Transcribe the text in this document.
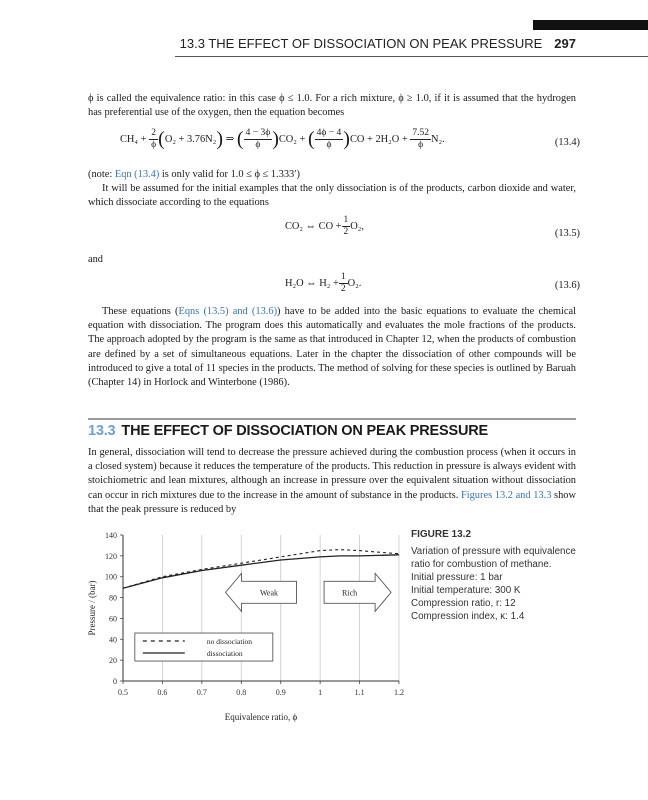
13.3 THE EFFECT OF DISSOCIATION ON PEAK PRESSURE 297

ϕ is called the equivalence ratio: in this case ϕ ≤ 1.0. For a rich mixture, ϕ ≥ 1.0, if it is assumed that the hydrogen has preferential use of the oxygen, then the equation becomes

$CH_4 + \frac{2}{\phi} (O_2 + 3.76N_2)$ ⇒ ( $\frac{4 - 3\phi}{\phi} )CO_2$ + ( $\frac{4\phi - 4}{\phi} )CO + 2H_2O + \frac{7.52}{\phi} N_2$.	(13.4)

(note: Eqn (13.4) is only valid for 1.0 ≤ ϕ ≤ 1.333′)

It will be assumed for the initial examples that the only dissociation is of the products, carbon dioxide and water, which dissociate according to the equations

CO₂ ⇔ CO + $\frac{1}{2} O_2$,
(13.5)

and

H₂O ⇔ $H_2 + \frac{1}{2} O_2$.	(13.6)

These equations (Eqns (13.5) and (13.6)) have to be added into the basic equations to evaluate the chemical equation with dissociation. The program does this automatically and evaluates the mole fractions of the products. The approach adopted by the program is the same as that introduced in Chapter 12, when the products of combustion are defined by a set of simultaneous equations. Later in the chapter the dissociation of other compounds will be introduced to give a total of 11 species in the products. The method of solving for these species is outlined by Baruah (Chapter 14) in Horlock and Winterbone (1986).

13.3 THE EFFECT OF DISSOCIATION ON PEAK PRESSURE

In general, dissociation will tend to decrease the pressure achieved during the combustion process (when it occurs in a closed system) because it reduces the temperature of the products. This reduction in pressure is always evident with stoichiometric and lean mixtures, although an increase in pressure over the equivalent situation without dissociation can occur in rich mixtures due to the increase in the amount of substance in the products. Figures 13.2 and 13.3 show that the peak pressure is reduced by

0.5	0.6	0.7	0.8	0.9	1	1.1	1.2
0
20
40
60
80
100
120
140
Equivalence ratio, ϕ
Pressure / (bar)	Weak	Rich
no dissociation
dissociation
FIGURE 13.2
Variation of pressure with equivalence
ratio for combustion of methane.
Initial pressure: 1 bar
Initial temperature: 300 K
Compression ratio, r: 12
Compression index, κ: 1.4
